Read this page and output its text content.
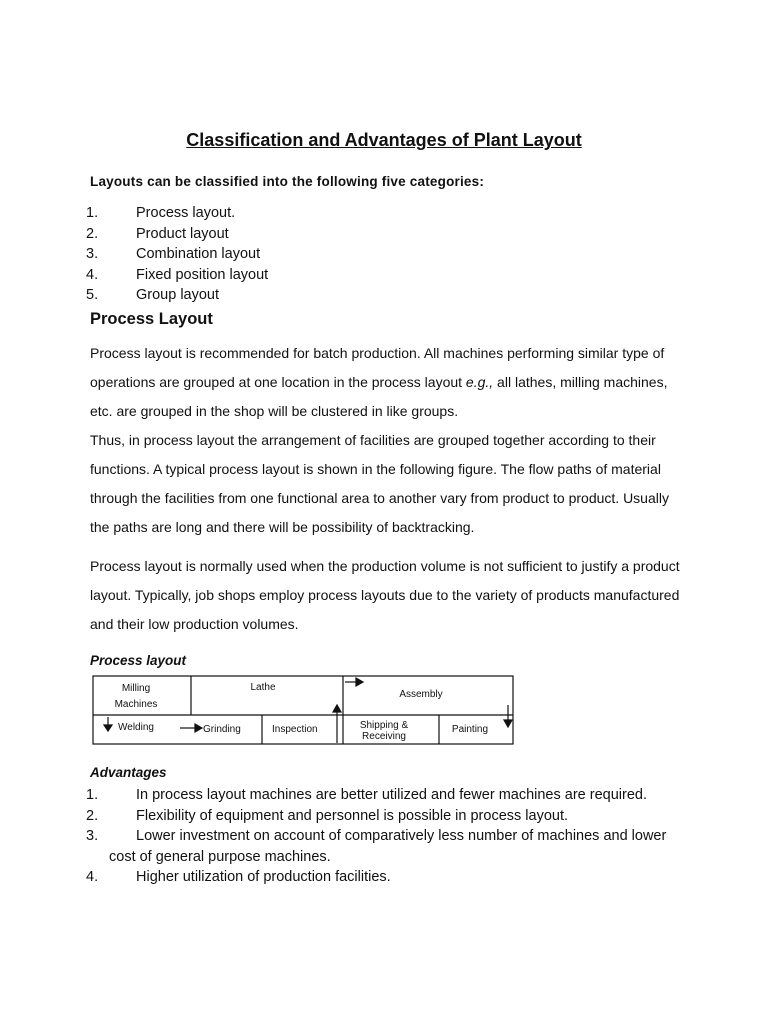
Classification and Advantages of Plant Layout

Layouts can be classified into the following five categories:

1.	Process layout.
2.	Product layout
3.	Combination layout
4.	Fixed position layout
5.	Group layout
Process Layout

Process layout is recommended for batch production. All machines performing similar type of operations are grouped at one location in the process layout e.g., all lathes, milling machines, etc. are grouped in the shop will be clustered in like groups.

Thus, in process layout the arrangement of facilities are grouped together according to their functions. A typical process layout is shown in the following figure. The flow paths of material through the facilities from one functional area to another vary from product to product. Usually the paths are long and there will be possibility of backtracking.

Process layout is normally used when the production volume is not sufficient to justify a product layout. Typically, job shops employ process layouts due to the variety of products manufactured and their low production volumes.

Process layout

Milling
Machines
Lathe
Assembly
Welding	Grinding	Inspection	Shipping &
Receiving
Painting

Advantages

1.	In process layout machines are better utilized and fewer machines are required.
2.	Flexibility of equipment and personnel is possible in process layout.
3.	Lower investment on account of comparatively less number of machines and lower cost of general purpose machines.
4.	Higher utilization of production facilities.
